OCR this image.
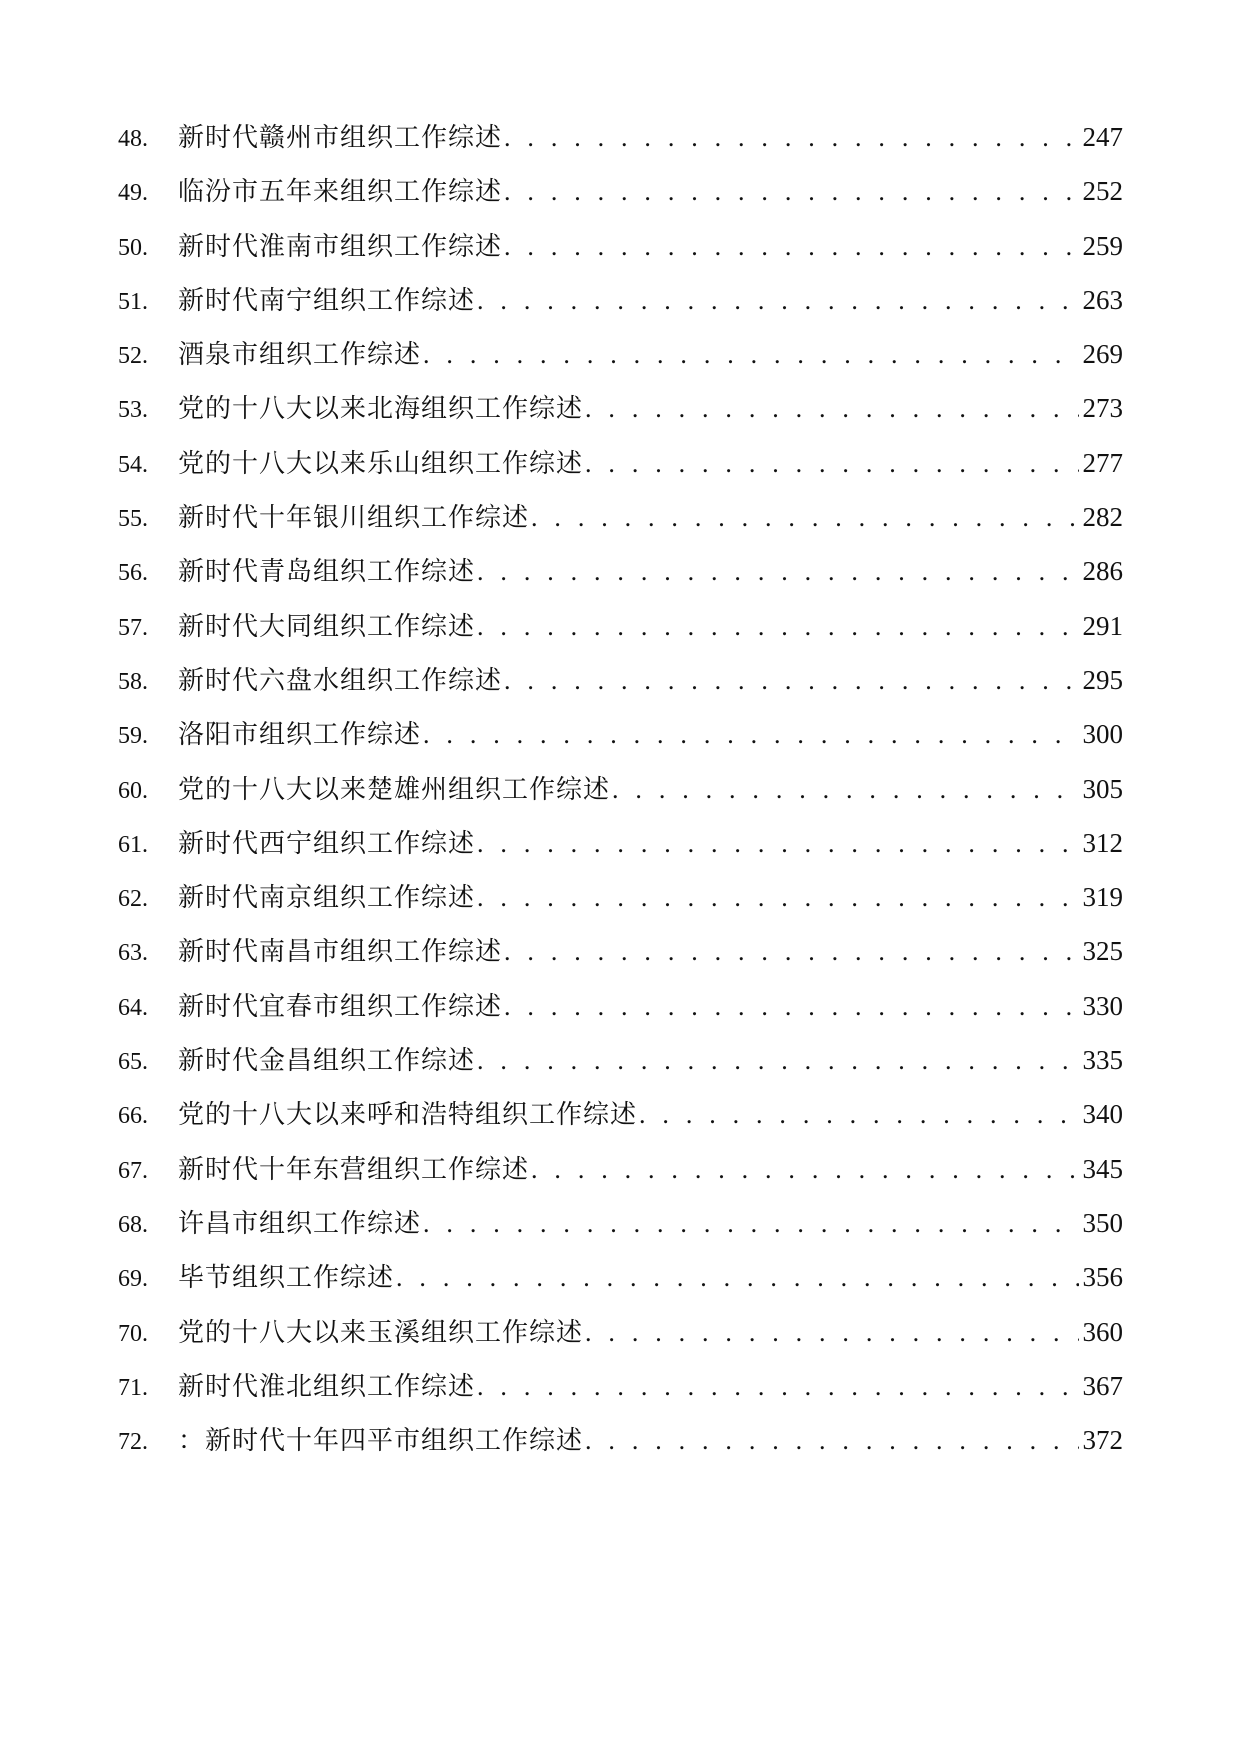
48.	新时代赣州市组织工作综述 . . .	247
49.	临汾市五年来组织工作综述 . . .	252
50.	新时代淮南市组织工作综述 . . .	259
51.	新时代南宁组织工作综述 . . .	263
52.	酒泉市组织工作综述 . . .	269
53.	党的十八大以来北海组织工作综述 . . .	273
54.	党的十八大以来乐山组织工作综述 . . .	277
55.	新时代十年银川组织工作综述 . . .	282
56.	新时代青岛组织工作综述 . . .	286
57.	新时代大同组织工作综述 . . .	291
58.	新时代六盘水组织工作综述 . . .	295
59.	洛阳市组织工作综述 . . .	300
60.	党的十八大以来楚雄州组织工作综述 . . .	305
61.	新时代西宁组织工作综述 . . .	312
62.	新时代南京组织工作综述 . . .	319
63.	新时代南昌市组织工作综述 . . .	325
64.	新时代宜春市组织工作综述 . . .	330
65.	新时代金昌组织工作综述 . . .	335
66.	党的十八大以来呼和浩特组织工作综述 . . .	340
67.	新时代十年东营组织工作综述 . . .	345
68.	许昌市组织工作综述 . . .	350
69.	毕节组织工作综述 . . .	356
70.	党的十八大以来玉溪组织工作综述 . . .	360
71.	新时代淮北组织工作综述 . . .	367
72.	：新时代十年四平市组织工作综述 . . .	372
